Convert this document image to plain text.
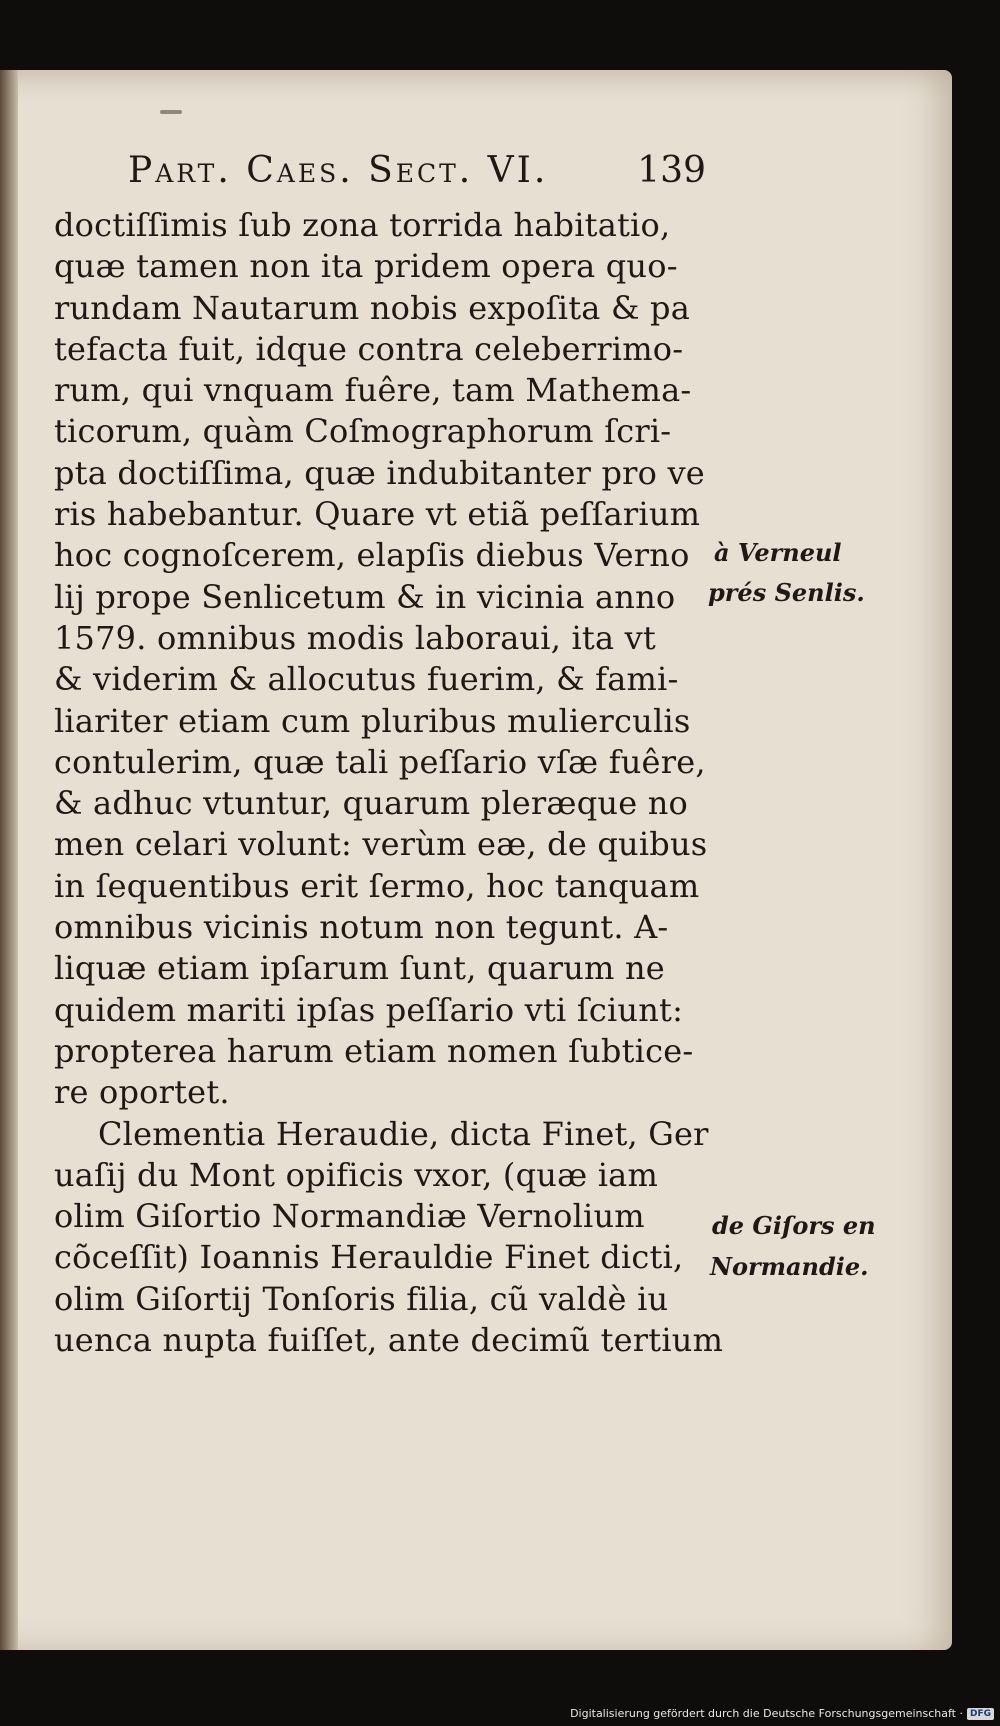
Part. Caes. Sect. VI. 139
doctiſſimis ſub zona torrida habitatio,
quæ tamen non ita pridem opera quo-
rundam Nautarum nobis expoſita & pa
tefacta fuit, idque contra celeberrimo-
rum, qui vnquam fuêre, tam Mathema-
ticorum, quàm Coſmographorum ſcri-
pta doctiſſima, quæ indubitanter pro ve
ris habebantur. Quare vt etiã peſſarium
hoc cognoſcerem, elapſis diebus Verno
lij prope Senlicetum & in vicinia anno
1579. omnibus modis laboraui, ita vt
& viderim & allocutus fuerim, & fami-
liariter etiam cum pluribus mulierculis
contulerim, quæ tali peſſario vſæ fuêre,
& adhuc vtuntur, quarum pleræque no
men celari volunt: verùm eæ, de quibus
in ſequentibus erit ſermo, hoc tanquam
omnibus vicinis notum non tegunt. A-
liquæ etiam ipſarum ſunt, quarum ne
quidem mariti ipſas peſſario vti ſciunt:
propterea harum etiam nomen ſubtice-
re oportet.
Clementia Heraudie, dicta Finet, Ger
uaſij du Mont opificis vxor, (quæ iam
olim Giſortio Normandiæ Vernolium
cõceſſit) Ioannis Herauldie Finet dicti,
olim Giſortij Tonſoris filia, cũ valdè iu
uenca nupta fuiſſet, ante decimũ tertium
à Verneul
prés Senlis.
de Giſors en
Normandie.
Digitalisierung gefördert durch die Deutsche Forschungsgemeinschaft · DFG
